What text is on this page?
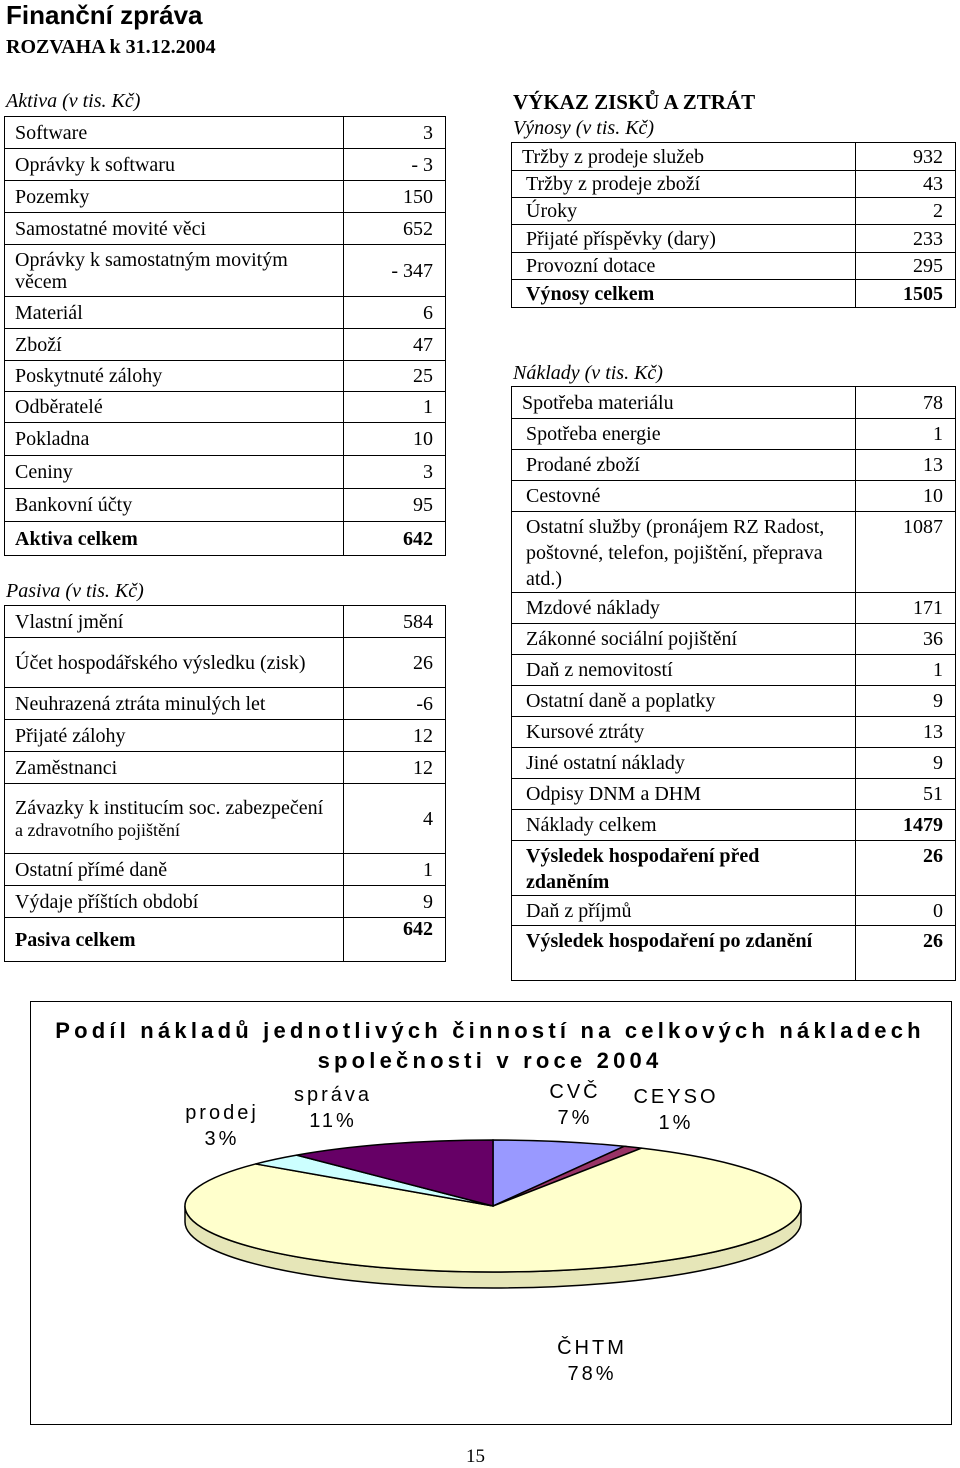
Finanční zpráva
ROZVAHA k 31.12.2004
Aktiva (v tis. Kč)
Software	3
Oprávky k softwaru	- 3
Pozemky	150
Samostatné movité věci	652
Oprávky k samostatným movitým věcem	- 347
Materiál	6
Zboží	47
Poskytnuté zálohy	25
Odběratelé	1
Pokladna	10
Ceniny	3
Bankovní účty	95
Aktiva celkem	642
Pasiva (v tis. Kč)
Vlastní jmění	584
Účet hospodářského výsledku (zisk)	26
Neuhrazená ztráta minulých let	-6
Přijaté zálohy	12
Zaměstnanci	12

Závazky k institucím soc. zabezpečení
a zdravotního pojištění	4
Ostatní přímé daně	1
Výdaje příštích období	9
Pasiva celkem	642
VÝKAZ ZISKŮ A ZTRÁT
Výnosy (v tis. Kč)
Tržby z prodeje služeb	932
Tržby z prodeje zboží	43
Úroky	2
Přijaté příspěvky (dary)	233
Provozní dotace	295
Výnosy celkem	1505
Náklady (v tis. Kč)
Spotřeba materiálu	78
Spotřeba energie	1
Prodané zboží	13
Cestovné	10
Ostatní služby (pronájem RZ Radost, poštovné, telefon, pojištění, přeprava atd.)	1087
Mzdové náklady	171
Zákonné sociální pojištění	36
Daň z nemovitostí	1
Ostatní daně a poplatky	9
Kursové ztráty	13
Jiné ostatní náklady	9
Odpisy DNM a DHM	51
Náklady celkem	1479
Výsledek hospodaření před zdaněním	26
Daň z příjmů	0
Výsledek hospodaření po zdanění	26
Podíl nákladů jednotlivých činností na celkových nákladech společnosti v roce 2004
prodej
3%
správa
11%
CVČ
7%
CEYSO
1%
ČHTM
78%
15
